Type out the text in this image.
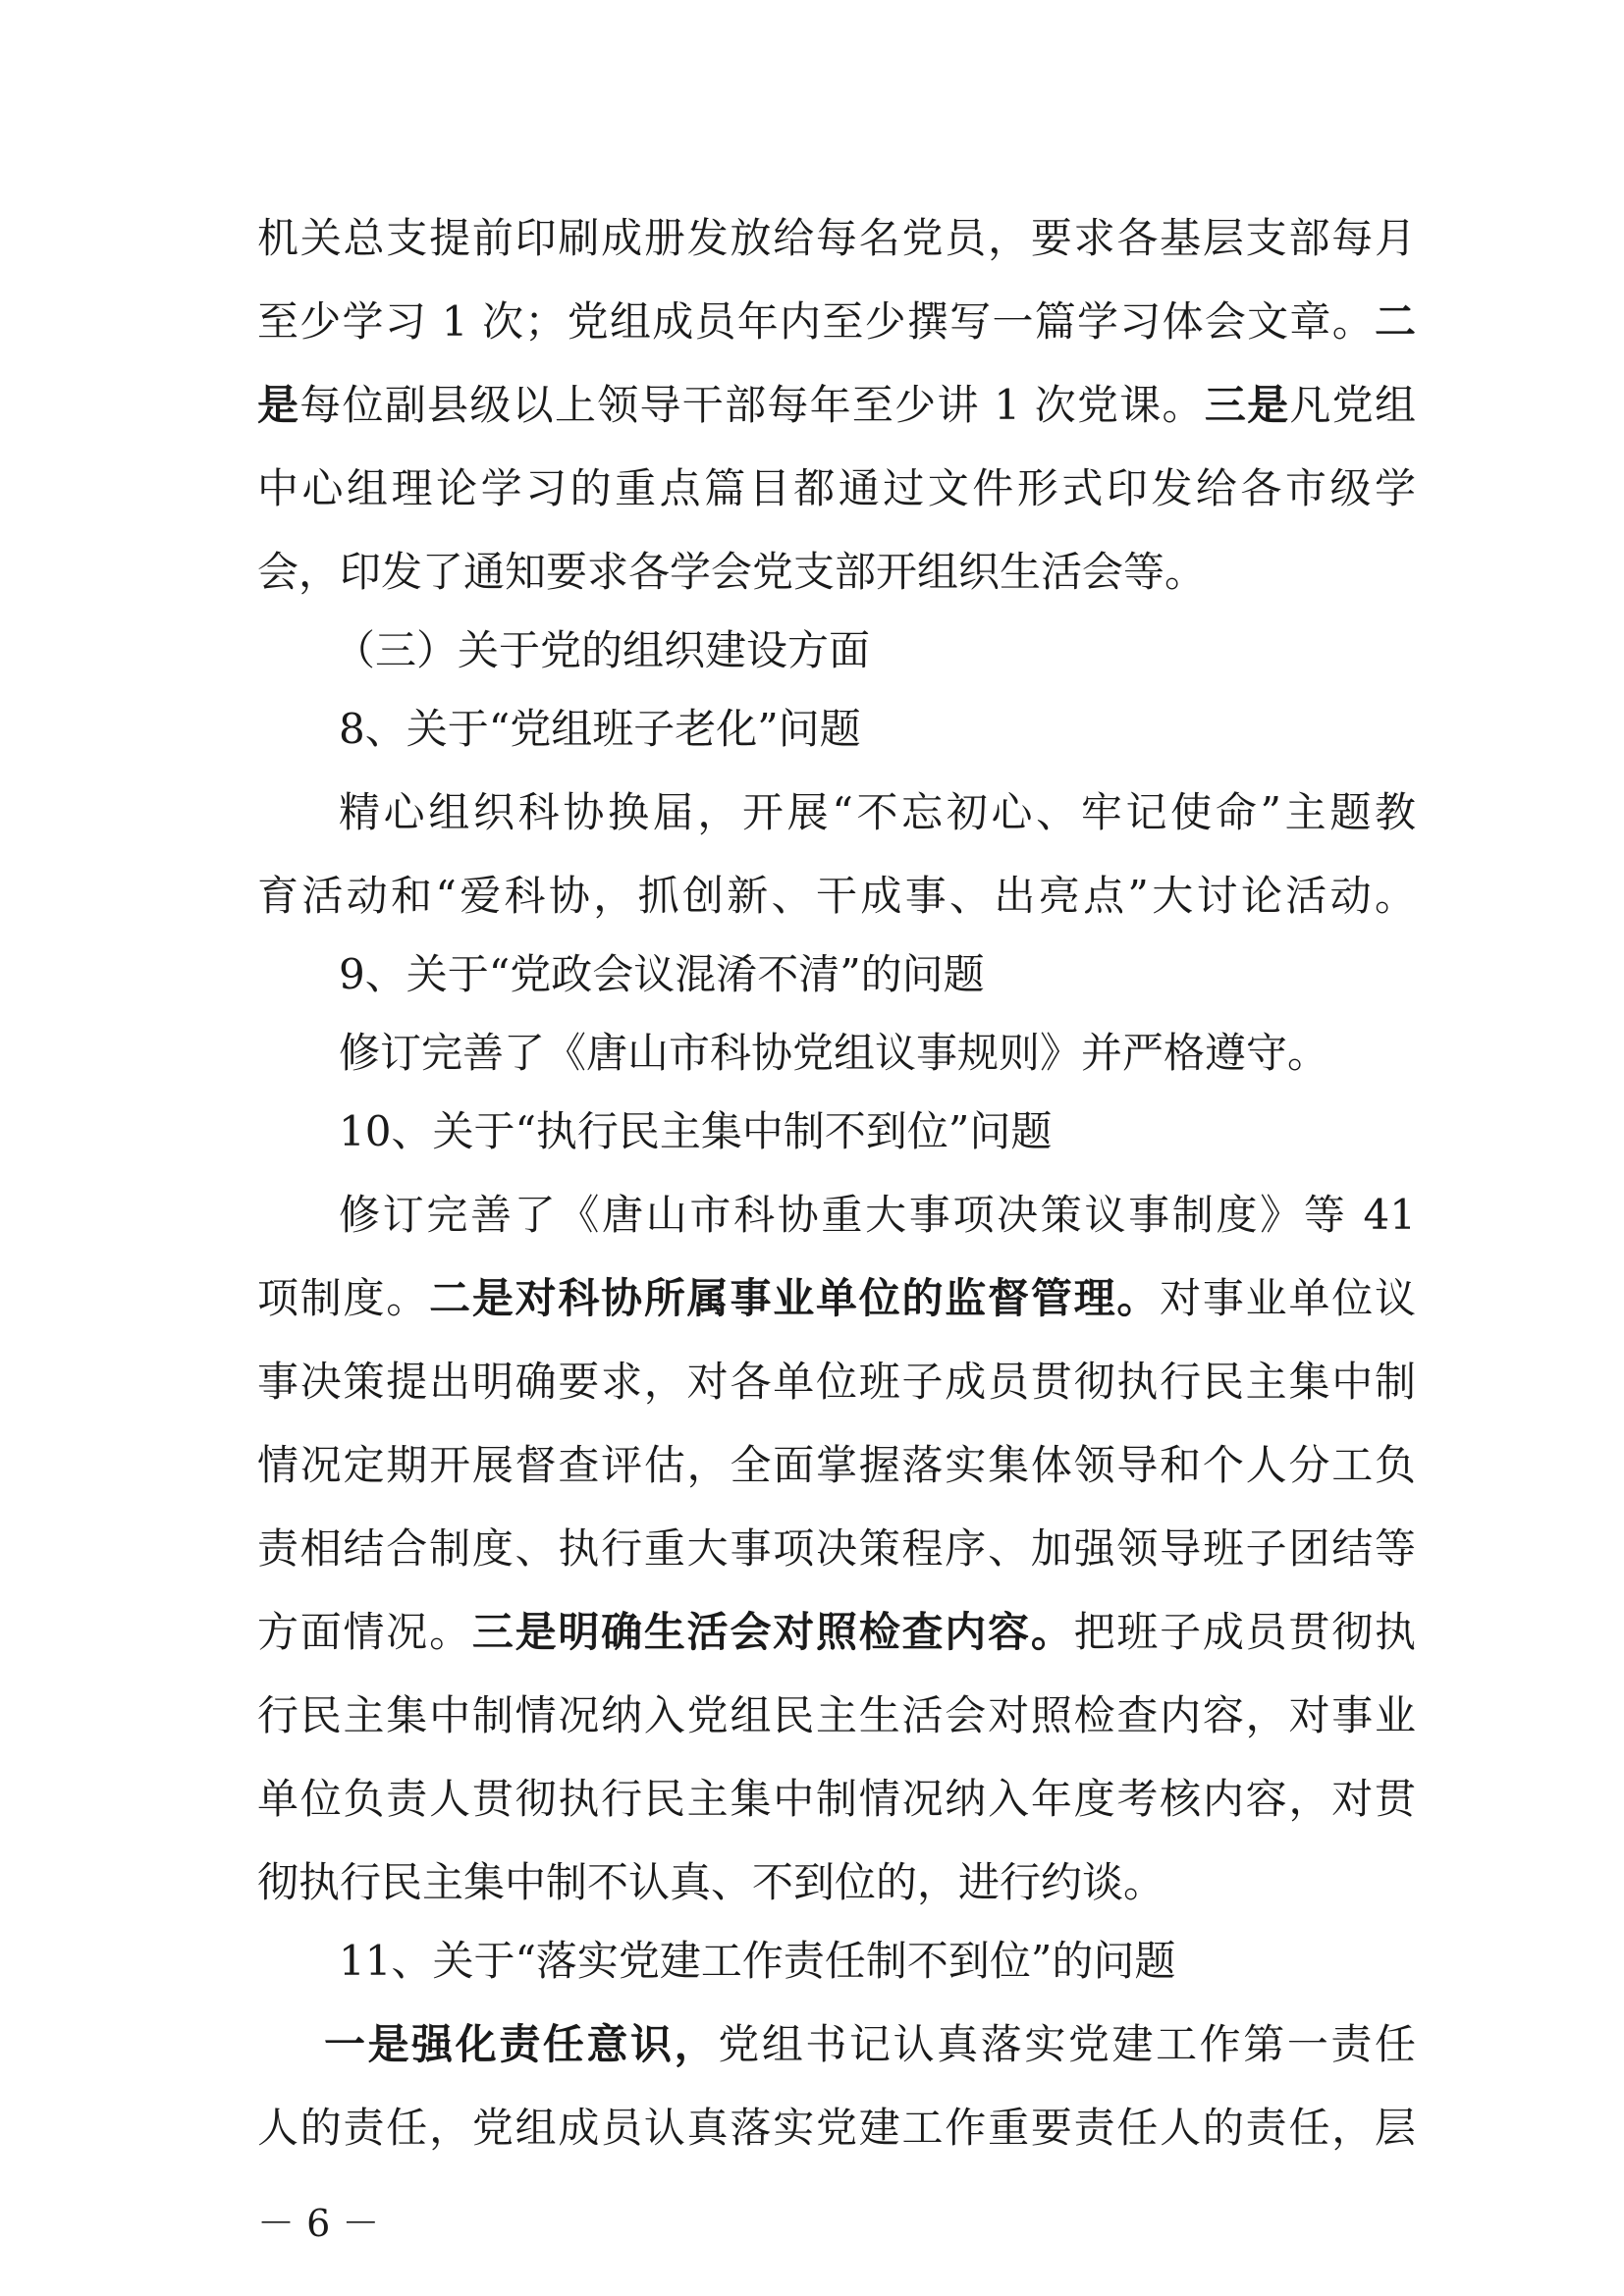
机关总支提前印刷成册发放给每名党员，要求各基层支部每月
至少学习 1 次；党组成员年内至少撰写一篇学习体会文章。二
是每位副县级以上领导干部每年至少讲 1 次党课。三是凡党组
中心组理论学习的重点篇目都通过文件形式印发给各市级学
会，印发了通知要求各学会党支部开组织生活会等。
（三）关于党的组织建设方面
8、关于“党组班子老化”问题
精心组织科协换届，开展“不忘初心、牢记使命”主题教
育活动和“爱科协，抓创新、干成事、出亮点”大讨论活动。
9、关于“党政会议混淆不清”的问题
修订完善了《唐山市科协党组议事规则》并严格遵守。
10、关于“执行民主集中制不到位”问题
修订完善了《唐山市科协重大事项决策议事制度》等 41
项制度。二是对科协所属事业单位的监督管理。对事业单位议
事决策提出明确要求，对各单位班子成员贯彻执行民主集中制
情况定期开展督查评估，全面掌握落实集体领导和个人分工负
责相结合制度、执行重大事项决策程序、加强领导班子团结等
方面情况。三是明确生活会对照检查内容。把班子成员贯彻执
行民主集中制情况纳入党组民主生活会对照检查内容，对事业
单位负责人贯彻执行民主集中制情况纳入年度考核内容，对贯
彻执行民主集中制不认真、不到位的，进行约谈。
11、关于“落实党建工作责任制不到位”的问题
一是强化责任意识，党组书记认真落实党建工作第一责任
人的责任，党组成员认真落实党建工作重要责任人的责任，层
－ 6 －
